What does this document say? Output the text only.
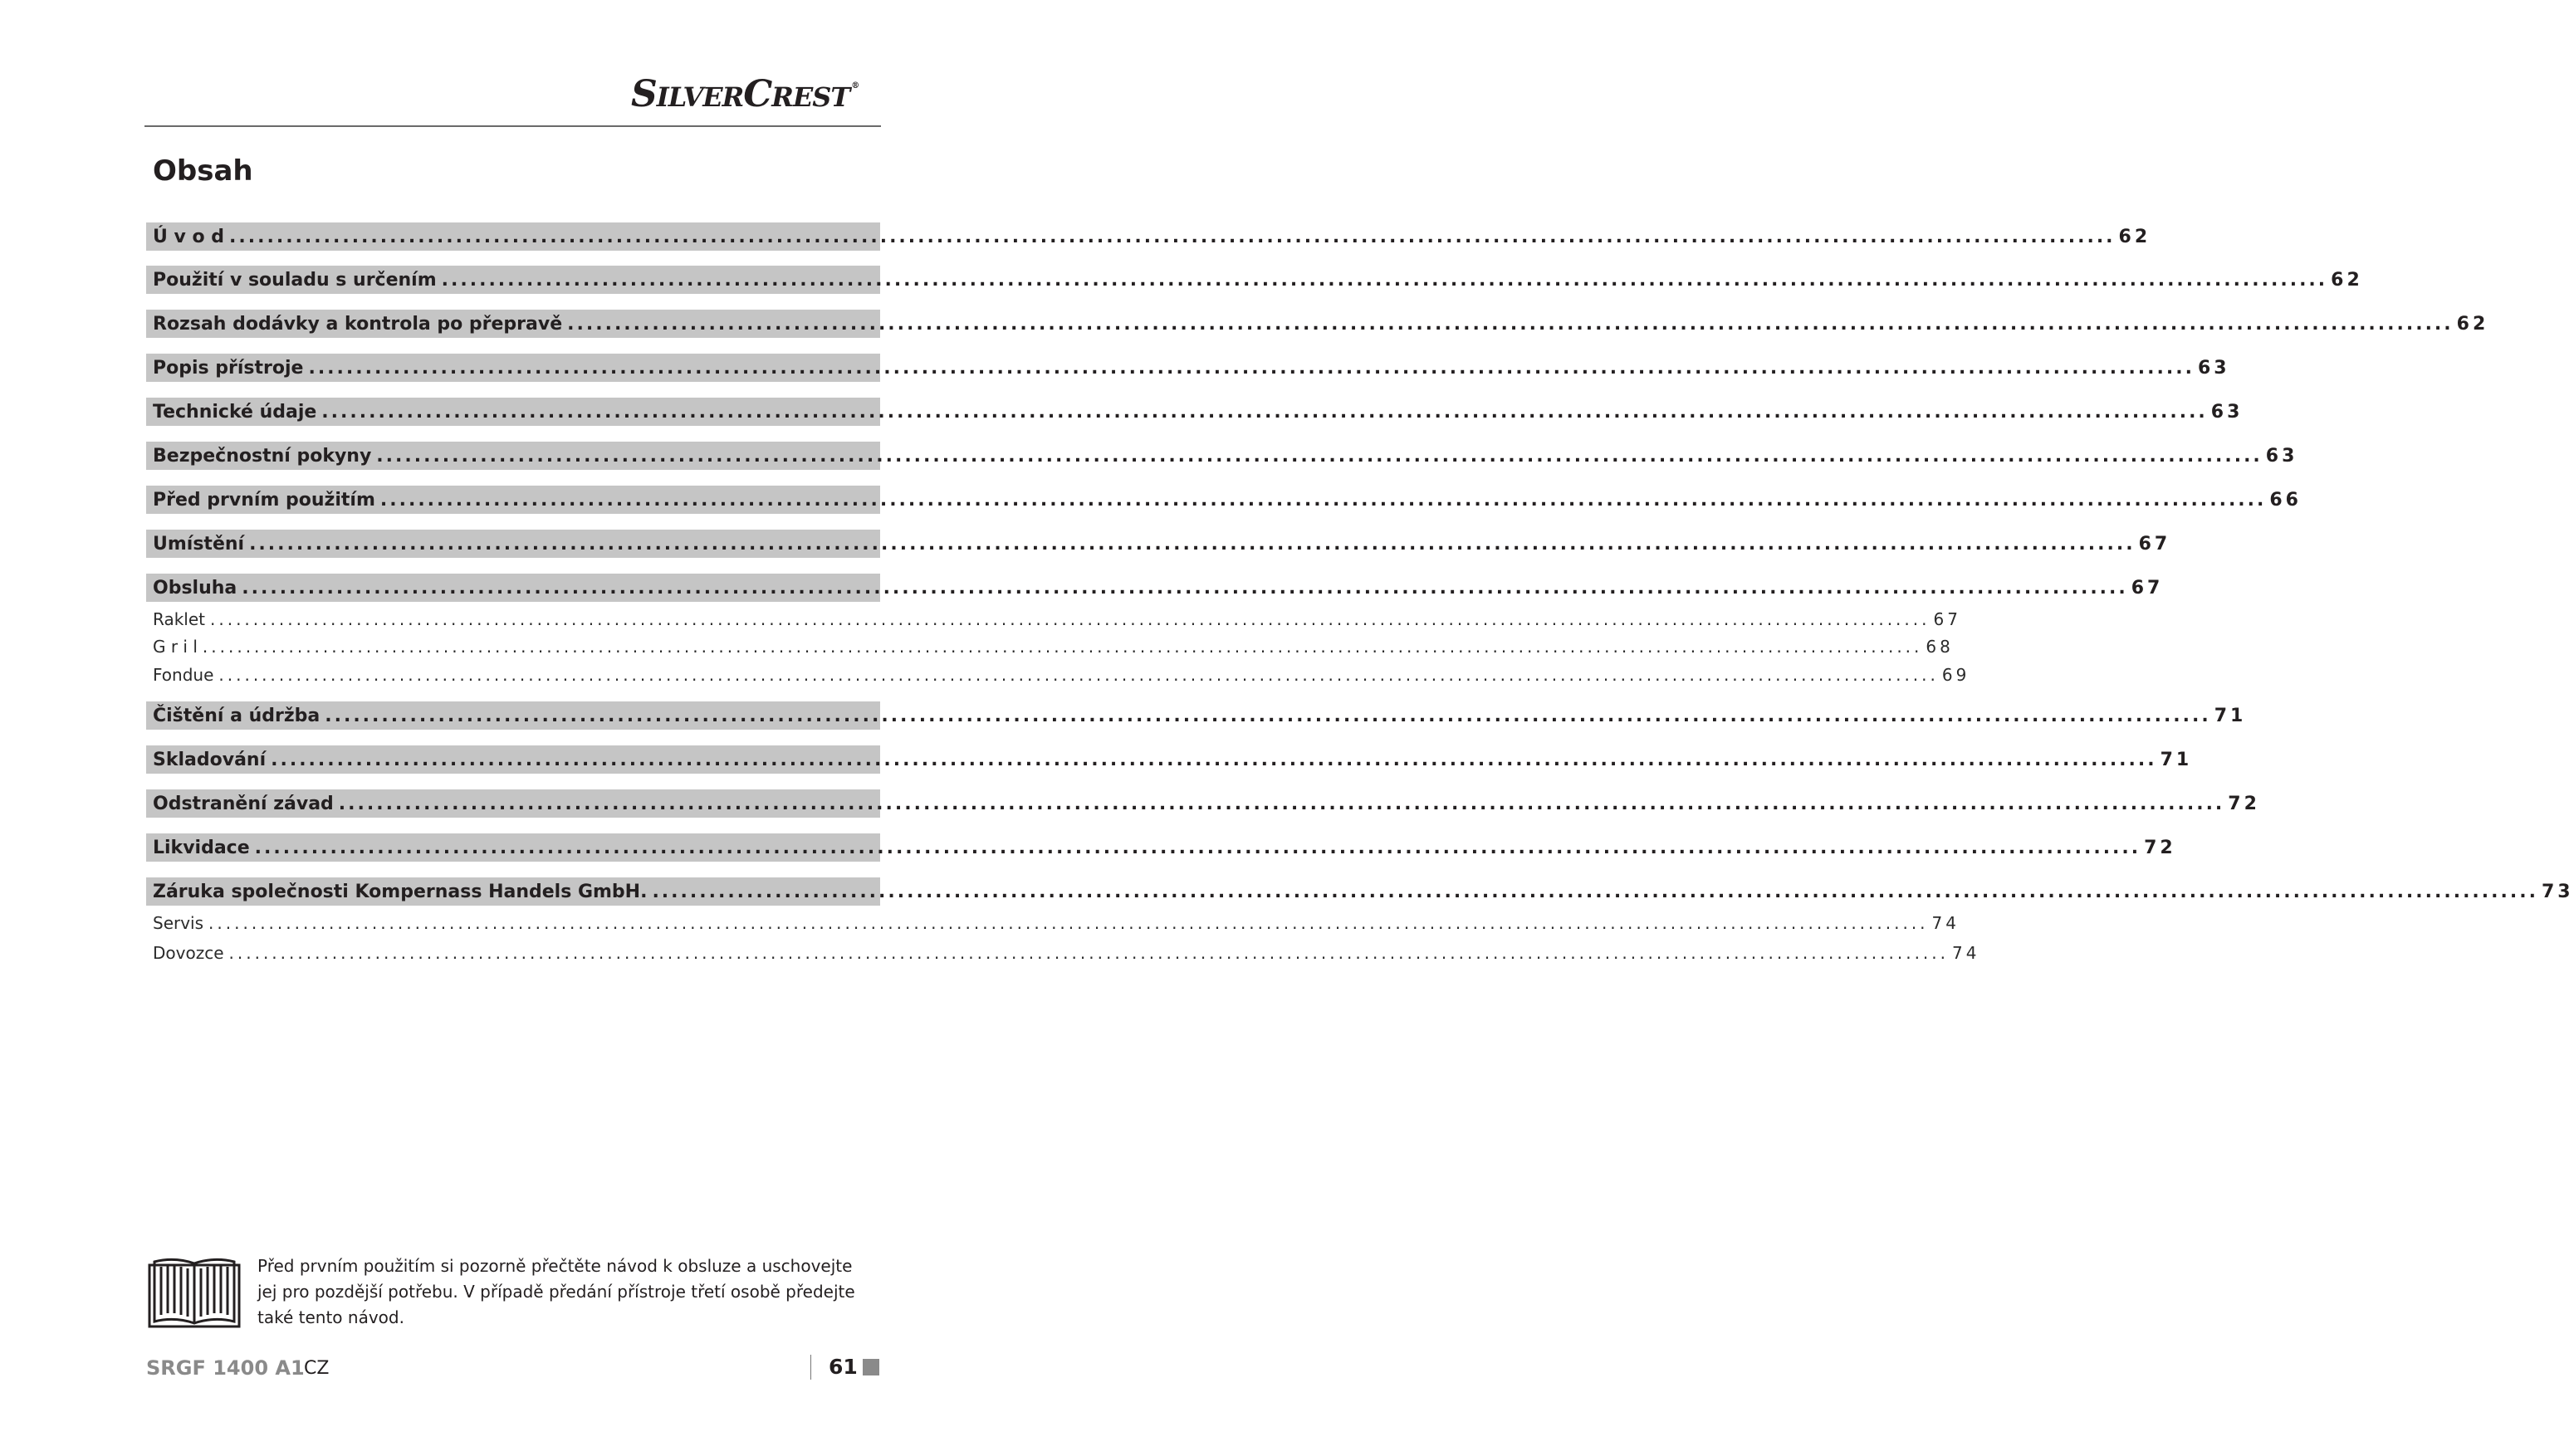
SILVERCREST ®
Obsah
Ú v o d ........................................................................................................................................................................................................ 62
Použití v souladu s určením ........................................................................................................................................................................................................ 62
Rozsah dodávky a kontrola po přepravě ........................................................................................................................................................................................................ 62
Popis přístroje ........................................................................................................................................................................................................ 63
Technické údaje ........................................................................................................................................................................................................ 63
Bezpečnostní pokyny ........................................................................................................................................................................................................ 63
Před prvním použitím ........................................................................................................................................................................................................ 66
Umístění ........................................................................................................................................................................................................ 67
Obsluha ........................................................................................................................................................................................................ 67
Raklet ........................................................................................................................................................................................................ 67
G r i l ........................................................................................................................................................................................................ 68
Fondue ........................................................................................................................................................................................................ 69
Čištění a údržba ........................................................................................................................................................................................................ 71
Skladování ........................................................................................................................................................................................................ 71
Odstranění závad ........................................................................................................................................................................................................ 72
Likvidace ........................................................................................................................................................................................................ 72
Záruka společnosti Kompernass Handels GmbH. ........................................................................................................................................................................................................ 73
Servis ........................................................................................................................................................................................................ 74
Dovozce ........................................................................................................................................................................................................ 74
Před prvním použitím si pozorně přečtěte návod k obsluze a uschovejte jej pro pozdější potřebu. V případě předání přístroje třetí osobě předejte také tento návod.
SRGF 1400 A1 CZ	61
